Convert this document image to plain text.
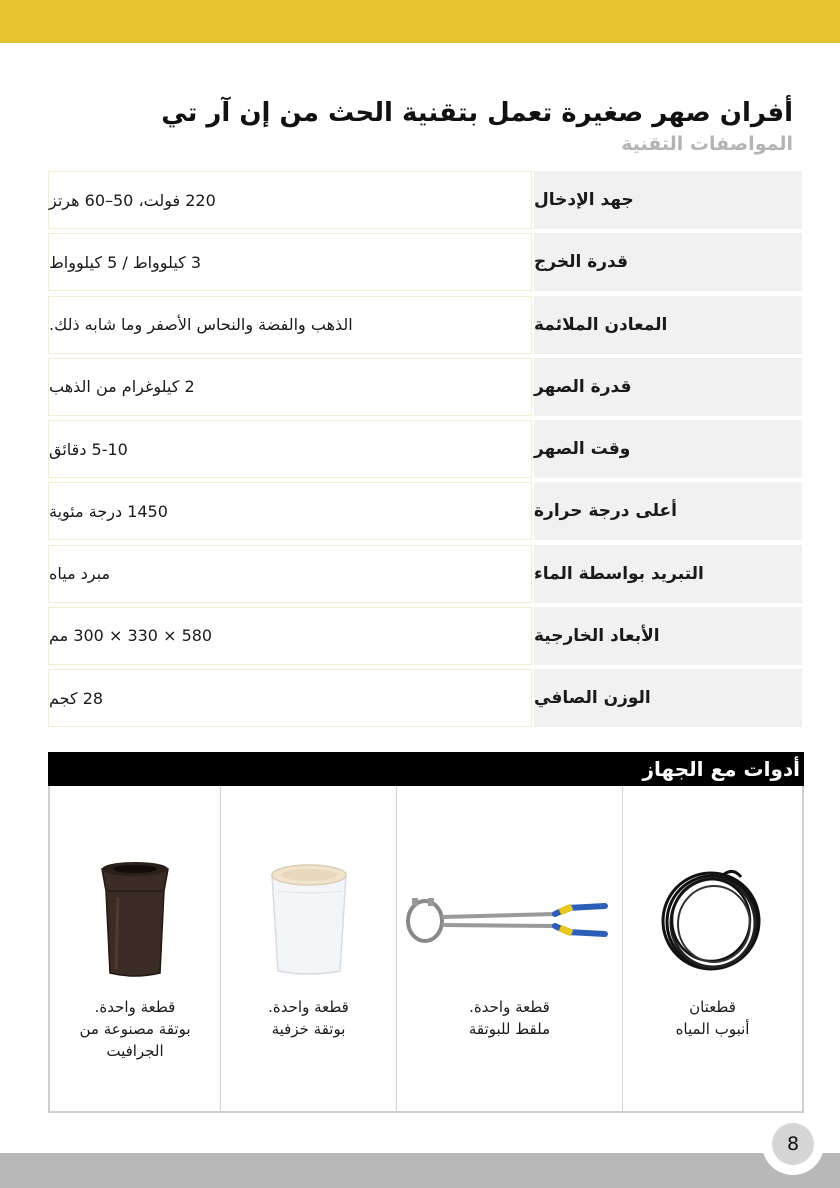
أفران صهر صغيرة تعمل بتقنية الحث من إن آر تي
المواصفات التقنية
جهد الإدخال
220 فولت، 50–60 هرتز
قدرة الخرج
3 كيلوواط / 5 كيلوواط
المعادن الملائمة
الذهب والفضة والنحاس الأصفر وما شابه ذلك.
قدرة الصهر
2 كيلوغرام من الذهب
وقت الصهر
5-10 دقائق
أعلى درجة حرارة
1450 درجة مئوية
التبريد بواسطة الماء
مبرد مياه
الأبعاد الخارجية
580 × 330 × 300 مم
الوزن الصافي
28 كجم
أدوات مع الجهاز
قطعتان
أنبوب المياه
قطعة واحدة.
ملقط للبوتقة
قطعة واحدة.
بوتقة خزفية
قطعة واحدة.
بوتقة مصنوعة من
الجرافيت
8
